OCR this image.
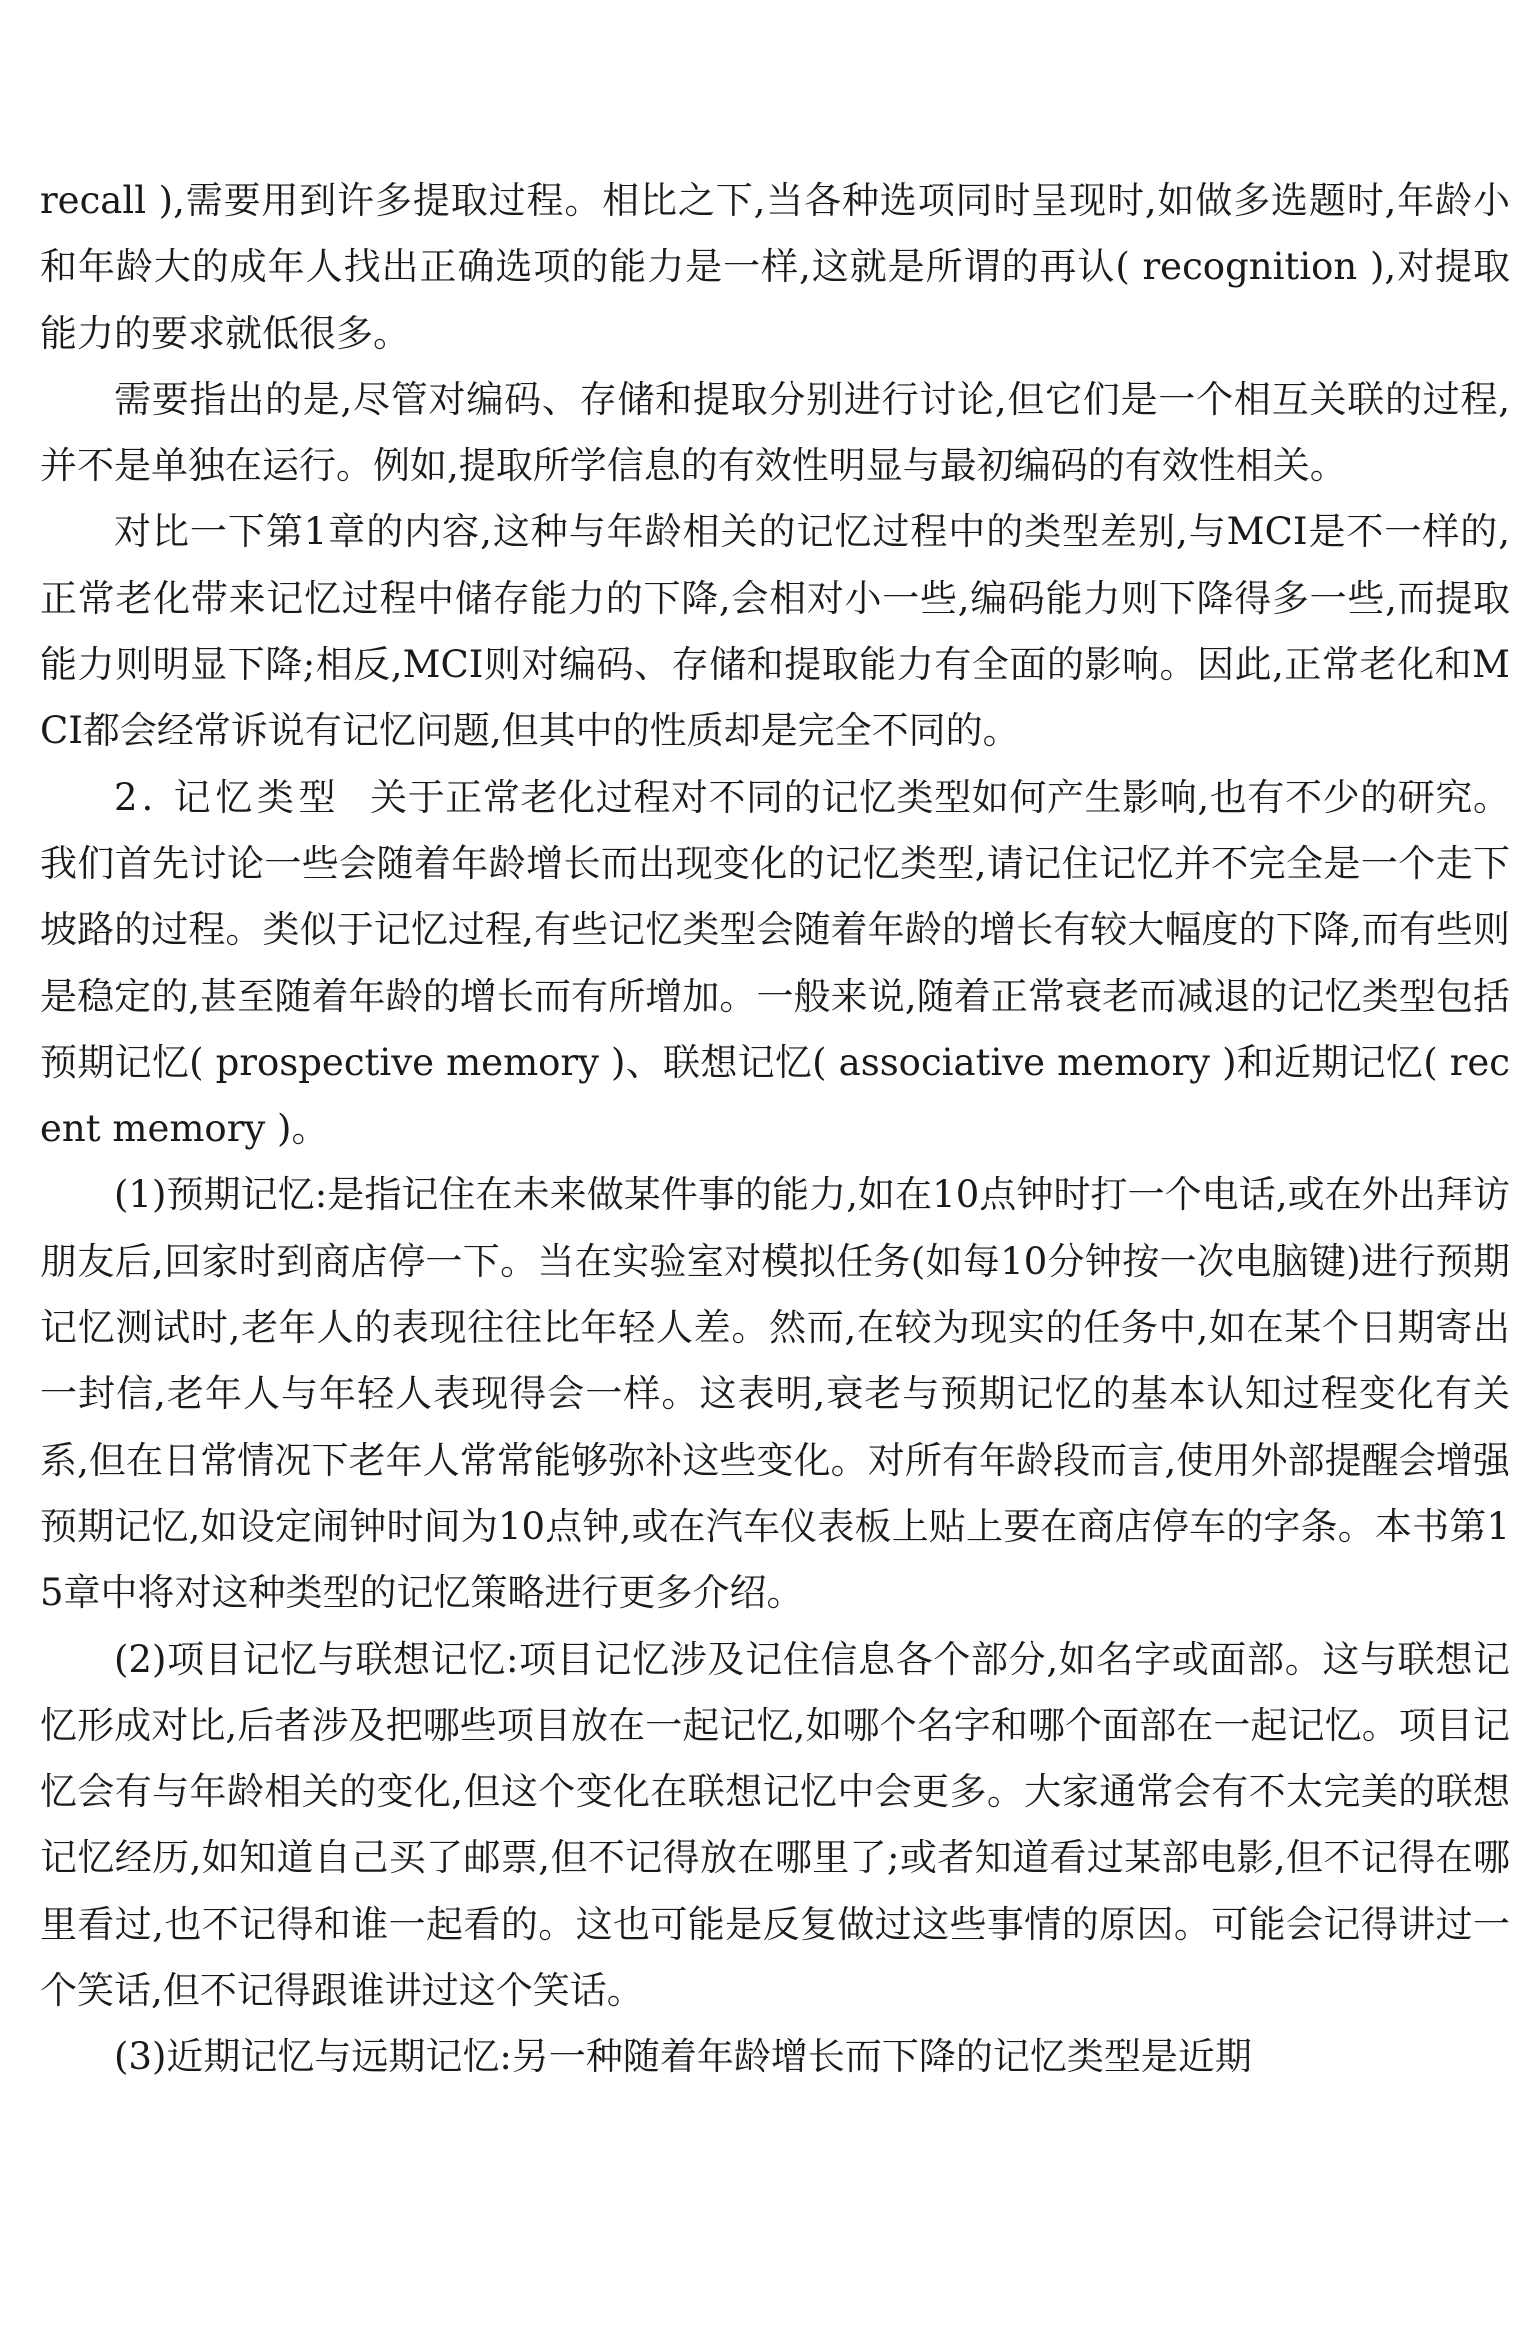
recall ),需要用到许多提取过程。相比之下,当各种选项同时呈现时,如做多选题时,年龄小和年龄大的成年人找出正确选项的能力是一样,这就是所谓的再认( recognition ),对提取能力的要求就低很多。

需要指出的是,尽管对编码、存储和提取分别进行讨论,但它们是一个相互关联的过程,并不是单独在运行。例如,提取所学信息的有效性明显与最初编码的有效性相关。

对比一下第1章的内容,这种与年龄相关的记忆过程中的类型差别,与MCI是不一样的,正常老化带来记忆过程中储存能力的下降,会相对小一些,编码能力则下降得多一些,而提取能力则明显下降;相反,MCI则对编码、存储和提取能力有全面的影响。因此,正常老化和MCI都会经常诉说有记忆问题,但其中的性质却是完全不同的。

2. 记忆类型 关于正常老化过程对不同的记忆类型如何产生影响,也有不少的研究。我们首先讨论一些会随着年龄增长而出现变化的记忆类型,请记住记忆并不完全是一个走下坡路的过程。类似于记忆过程,有些记忆类型会随着年龄的增长有较大幅度的下降,而有些则是稳定的,甚至随着年龄的增长而有所增加。一般来说,随着正常衰老而减退的记忆类型包括预期记忆( prospective memory )、联想记忆( associative memory )和近期记忆( recent memory )。

(1)预期记忆:是指记住在未来做某件事的能力,如在10点钟时打一个电话,或在外出拜访朋友后,回家时到商店停一下。当在实验室对模拟任务(如每10分钟按一次电脑键)进行预期记忆测试时,老年人的表现往往比年轻人差。然而,在较为现实的任务中,如在某个日期寄出一封信,老年人与年轻人表现得会一样。这表明,衰老与预期记忆的基本认知过程变化有关系,但在日常情况下老年人常常能够弥补这些变化。对所有年龄段而言,使用外部提醒会增强预期记忆,如设定闹钟时间为10点钟,或在汽车仪表板上贴上要在商店停车的字条。本书第15章中将对这种类型的记忆策略进行更多介绍。

(2)项目记忆与联想记忆:项目记忆涉及记住信息各个部分,如名字或面部。这与联想记忆形成对比,后者涉及把哪些项目放在一起记忆,如哪个名字和哪个面部在一起记忆。项目记忆会有与年龄相关的变化,但这个变化在联想记忆中会更多。大家通常会有不太完美的联想记忆经历,如知道自己买了邮票,但不记得放在哪里了;或者知道看过某部电影,但不记得在哪里看过,也不记得和谁一起看的。这也可能是反复做过这些事情的原因。可能会记得讲过一个笑话,但不记得跟谁讲过这个笑话。

(3)近期记忆与远期记忆:另一种随着年龄增长而下降的记忆类型是近期
